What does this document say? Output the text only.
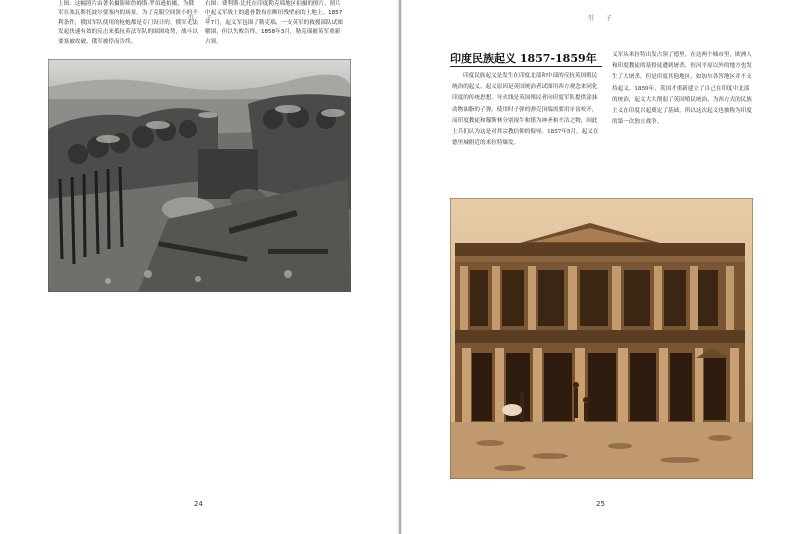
引 子
上图：这幅照片由著名摄影师詹姆斯·罗伯逊拍摄，为俄军在塞瓦斯托波尔要塞内的场景。为了克服空间狭小的不利条件，俄国军队使用的枪炮都是专门设计的。俄军无法发起快速有效的反击来抵抗英法军队的围困攻势，战斗以要塞被攻破、俄军被俘而告终。
右图：费利斯·比托在印度勒克瑙地区拍摄的照片，照片中起义军战士的遗骨散布在断垣残壁前的土地上。1857年7月，起义军包围了勒克瑙，一支英军的救援部队试图解围，但以失败告终。1858年3月，勒克瑙被英军重新占领。
24
引 子
25
印度民族起义 1857-1859年
印度民族起义是发生在印度北部和中部的反抗英国殖民统治的起义。起义原因是英国统治者试图用西方观念来同化印度的传统思想，导火线是英国殖民者向印度军队提供涂抹动物油脂的子弹。使用时子弹的弹壳顶端需要用牙齿咬开，而印度教徒和穆斯林分别视牛和猪为神圣和不洁之物，因此士兵们认为这是对其宗教信仰的侮辱。1857年5月，起义在德里城附近的米拉特爆发。
义军从米拉特出发占领了德里。在这两个城市里，欧洲人和印度教徒的基督徒遭到屠杀，恒河平原以外的地方也发生了大屠杀。但是印度其他地区，如加尔各答地区并不支持起义。1859年，英国才重新建立了自己在印度中北部的统治，起义大大削弱了英国殖民统治。为西方式的民族主义在印度兴起奠定了基础，所以这次起义也被称为印度的第一次独立战争。
